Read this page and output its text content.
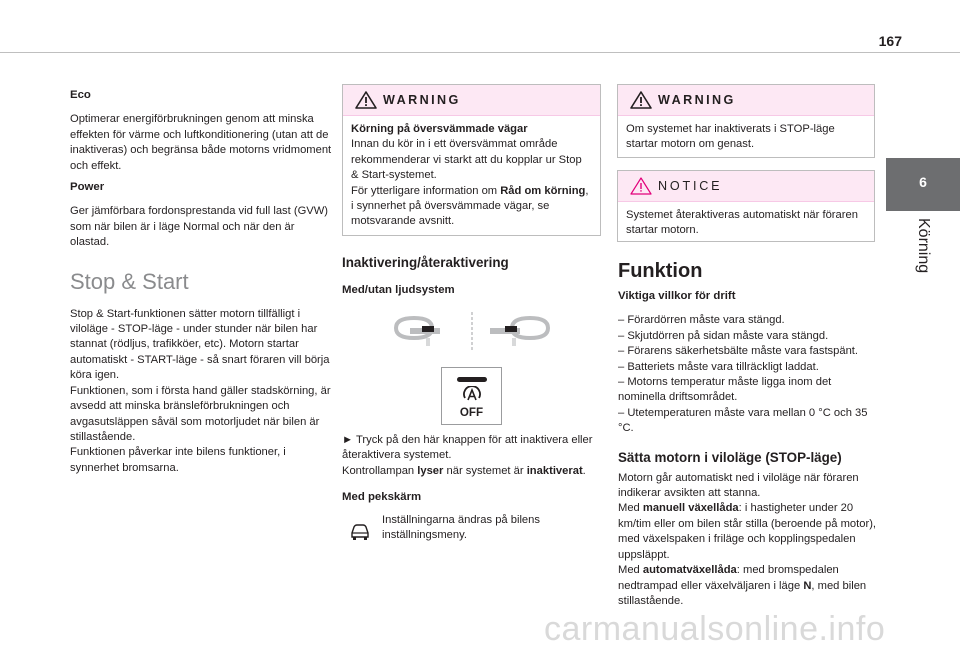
167
6
Körning
Eco

Optimerar energiförbrukningen genom att minska effekten för värme och luftkonditionering (utan att de inaktiveras) och begränsa både motorns vridmoment och effekt.

Power

Ger jämförbara fordonsprestanda vid full last (GVW) som när bilen är i läge Normal och när den är olastad.

Stop & Start

Stop & Start-funktionen sätter motorn tillfälligt i viloläge - STOP-läge - under stunder när bilen har stannat (rödljus, trafikköer, etc). Motorn startar automatiskt - START-läge - så snart föraren vill börja köra igen.

Funktionen, som i första hand gäller stadskörning, är avsedd att minska bränsleförbrukningen och avgasutsläppen såväl som motorljudet när bilen är stillastående.

Funktionen påverkar inte bilens funktioner, i synnerhet bromsarna.

WARNING
Körning på översvämmade vägar
Innan du kör in i ett översvämmat område rekommenderar vi starkt att du kopplar ur Stop & Start-systemet.
För ytterligare information om Råd om körning, i synnerhet på översvämmade vägar, se motsvarande avsnitt.
Inaktivering/återaktivering
Med/utan ljudsystem
OFF
► Tryck på den här knappen för att inaktivera eller återaktivera systemet.
Kontrollampan lyser när systemet är inaktiverat.
Med pekskärm
Inställningarna ändras på bilens inställningsmeny.
WARNING
Om systemet har inaktiverats i STOP-läge startar motorn om genast.
NOTICE
Systemet återaktiveras automatiskt när föraren startar motorn.
Funktion
Viktiga villkor för drift
– Förardörren måste vara stängd.
– Skjutdörren på sidan måste vara stängd.
– Förarens säkerhetsbälte måste vara fastspänt.
– Batteriets måste vara tillräckligt laddat.
– Motorns temperatur måste ligga inom det nominella driftsområdet.
– Utetemperaturen måste vara mellan 0 °C och 35 °C.
Sätta motorn i viloläge (STOP-läge)
Motorn går automatiskt ned i viloläge när föraren indikerar avsikten att stanna.
Med manuell växellåda: i hastigheter under 20 km/tim eller om bilen står stilla (beroende på motor), med växelspaken i friläge och kopplingspedalen uppsläppt.
Med automatväxellåda: med bromspedalen nedtrampad eller växelväljaren i läge N, med bilen stillastående.
carmanualsonline.info
